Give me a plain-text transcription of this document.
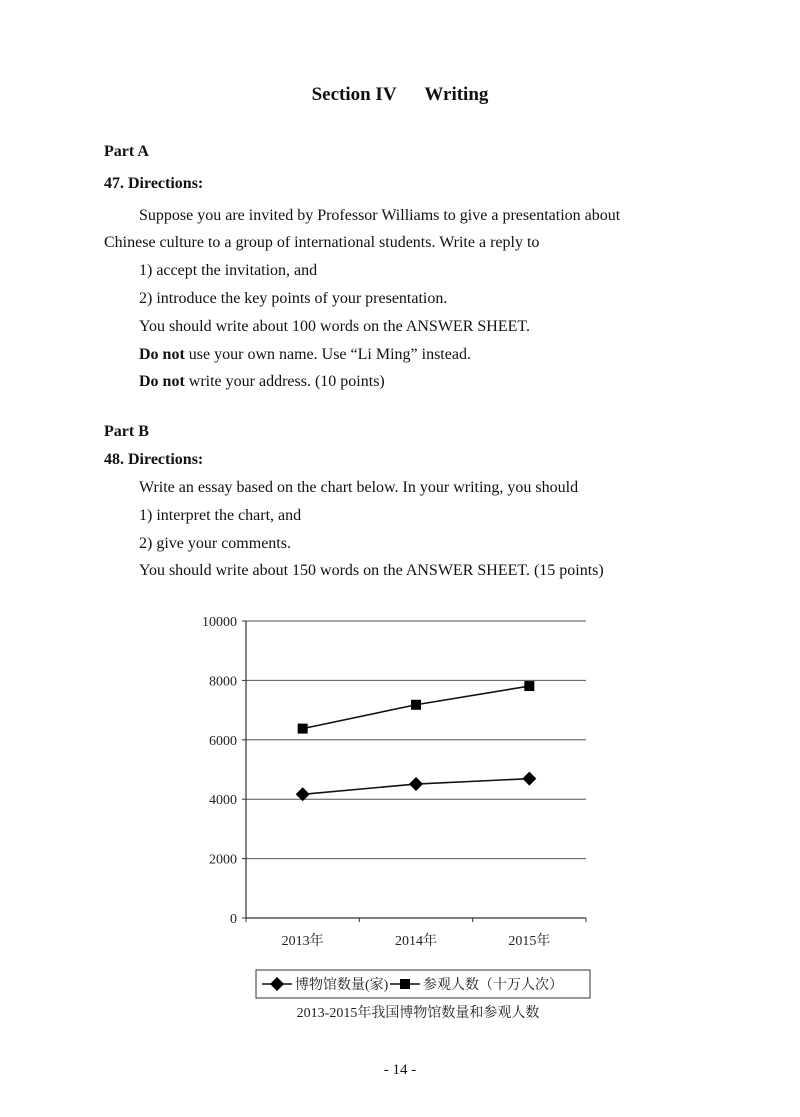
Section IV      Writing
Part A
47. Directions:
Suppose you are invited by Professor Williams to give a presentation about
Chinese culture to a group of international students. Write a reply to
1) accept the invitation, and
2) introduce the key points of your presentation.
You should write about 100 words on the ANSWER SHEET.
Do not use your own name. Use “Li Ming” instead.
Do not write your address. (10 points)
Part B
48. Directions:
Write an essay based on the chart below. In your writing, you should
1) interpret the chart, and
2) give your comments.
You should write about 150 words on the ANSWER SHEET. (15 points)
0
2000
4000
6000
8000
10000
2013年	2014年	2015年
博物馆数量(家) 参观人数（十万人次）
2013-2015年我国博物馆数量和参观人数
- 14 -
